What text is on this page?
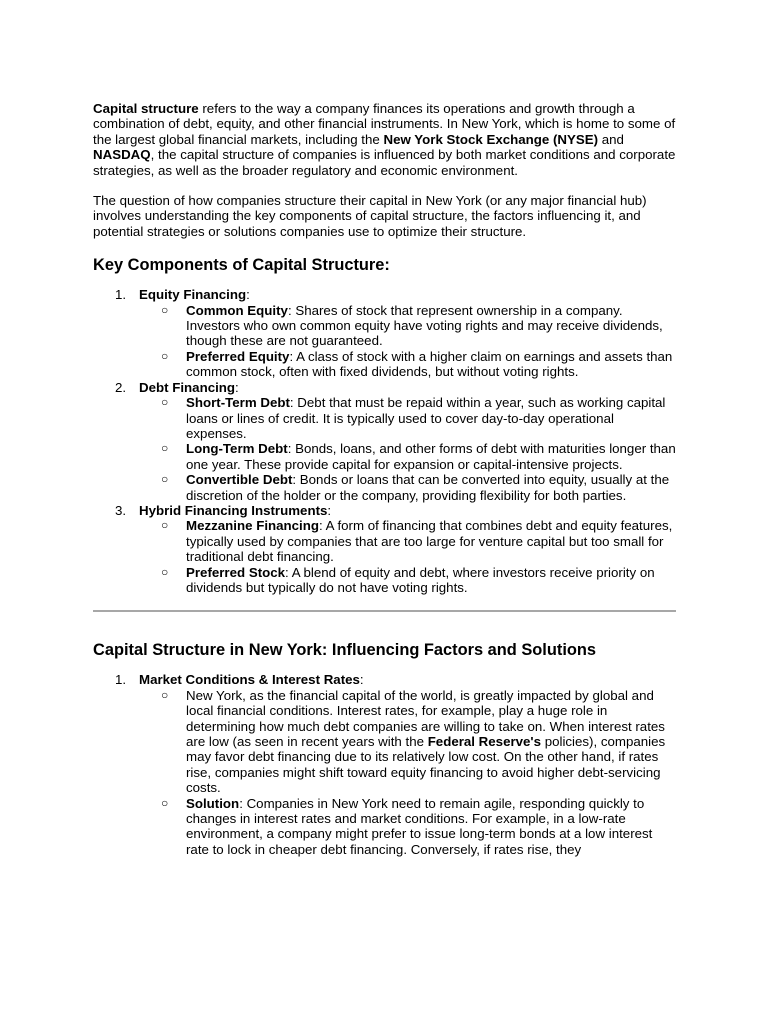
Capital structure refers to the way a company finances its operations and growth through a combination of debt, equity, and other financial instruments. In New York, which is home to some of the largest global financial markets, including the New York Stock Exchange (NYSE) and NASDAQ, the capital structure of companies is influenced by both market conditions and corporate strategies, as well as the broader regulatory and economic environment.

The question of how companies structure their capital in New York (or any major financial hub) involves understanding the key components of capital structure, the factors influencing it, and potential strategies or solutions companies use to optimize their structure.

Key Components of Capital Structure:
1. Equity Financing:
○ Common Equity: Shares of stock that represent ownership in a company. Investors who own common equity have voting rights and may receive dividends, though these are not guaranteed.
○ Preferred Equity: A class of stock with a higher claim on earnings and assets than common stock, often with fixed dividends, but without voting rights.
2. Debt Financing:
○ Short-Term Debt: Debt that must be repaid within a year, such as working capital loans or lines of credit. It is typically used to cover day-to-day operational expenses.
○ Long-Term Debt: Bonds, loans, and other forms of debt with maturities longer than one year. These provide capital for expansion or capital-intensive projects.
○ Convertible Debt: Bonds or loans that can be converted into equity, usually at the discretion of the holder or the company, providing flexibility for both parties.
3. Hybrid Financing Instruments:
○ Mezzanine Financing: A form of financing that combines debt and equity features, typically used by companies that are too large for venture capital but too small for traditional debt financing.
○ Preferred Stock: A blend of equity and debt, where investors receive priority on dividends but typically do not have voting rights.
Capital Structure in New York: Influencing Factors and Solutions
1. Market Conditions & Interest Rates:
○ New York, as the financial capital of the world, is greatly impacted by global and local financial conditions. Interest rates, for example, play a huge role in determining how much debt companies are willing to take on. When interest rates are low (as seen in recent years with the Federal Reserve's policies), companies may favor debt financing due to its relatively low cost. On the other hand, if rates rise, companies might shift toward equity financing to avoid higher debt-servicing costs.
○ Solution: Companies in New York need to remain agile, responding quickly to changes in interest rates and market conditions. For example, in a low-rate environment, a company might prefer to issue long-term bonds at a low interest rate to lock in cheaper debt financing. Conversely, if rates rise, they
